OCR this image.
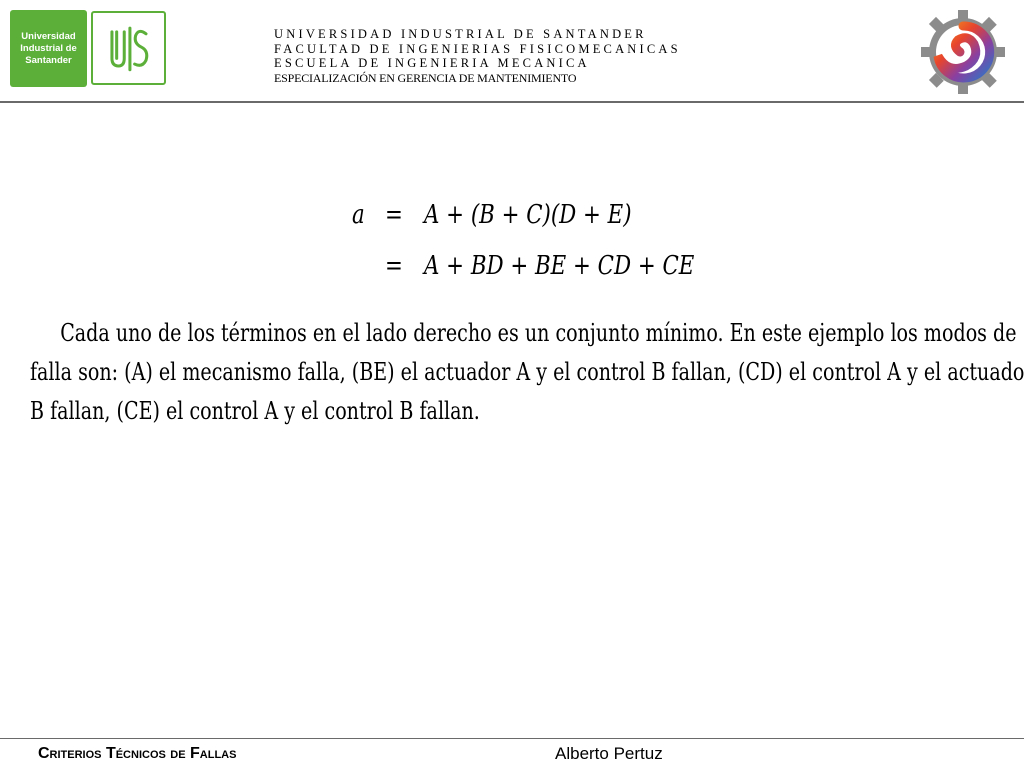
Universidad
Industrial de
Santander
UNIVERSIDAD INDUSTRIAL DE SANTANDER
FACULTAD DE INGENIERIAS FISICOMECANICAS
ESCUELA DE INGENIERIA MECANICA
ESPECIALIZACIÓN EN GERENCIA DE MANTENIMIENTO
a = A + (B + C)(D + E)
= A + BD + BE + CD + CE
Cada uno de los términos en el lado derecho es un conjunto mínimo. En este ejemplo los modos de
falla son: (A) el mecanismo falla, (BE) el actuador A y el control B fallan, (CD) el control A y el actuado
B fallan, (CE) el control A y el control B fallan.
Criterios Técnicos de Fallas	Alberto Pertuz
